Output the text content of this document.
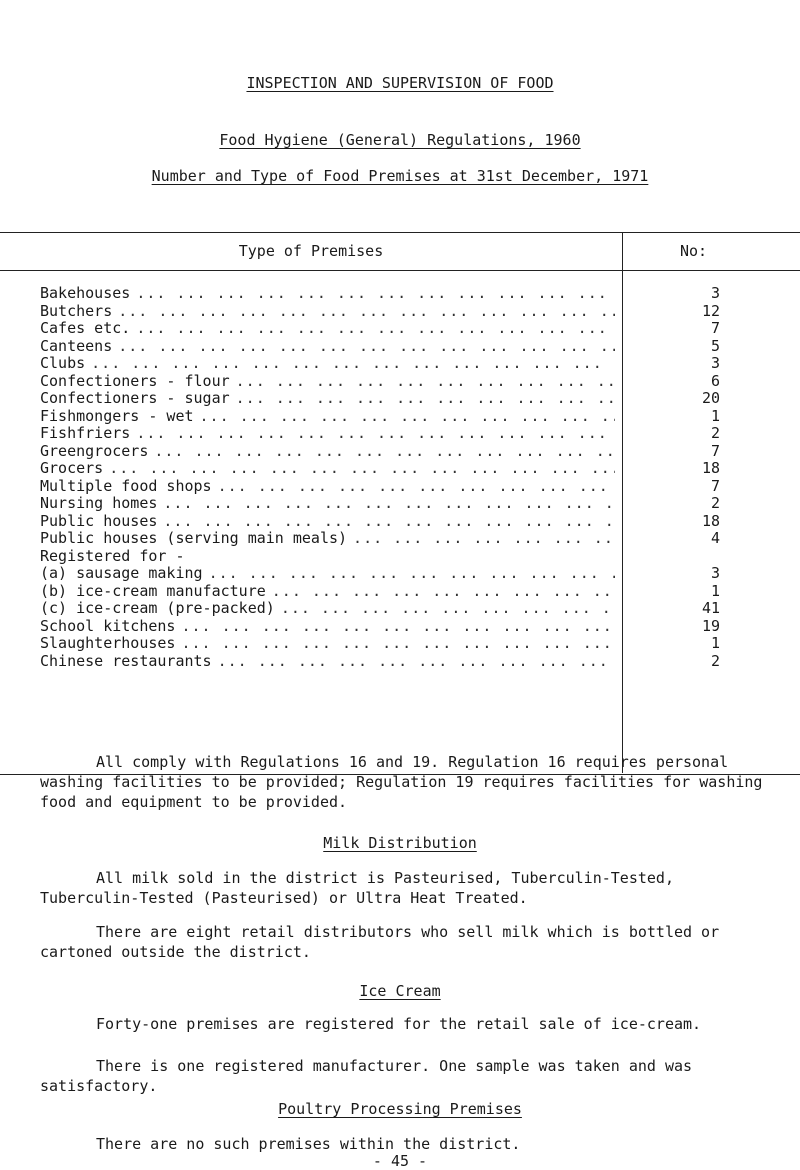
INSPECTION AND SUPERVISION OF FOOD
Food Hygiene (General) Regulations, 1960
Number and Type of Food Premises at 31st December, 1971
Type of Premises	No:
Bakehouses
... .
Butchers
... .
Cafes etc.
... .
Canteens
... .
Clubs
... .
Confectioners - flour
... .
Confectioners - sugar
... .
Fishmongers - wet
... .
Fishfriers
... .
Greengrocers
... .
Grocers
... .
Multiple food shops
... .
Nursing homes
... .
Public houses
... .
Public houses (serving main meals)
... .
Registered for -
(a) sausage making
... .
(b) ice-cream manufacture
... .
(c) ice-cream (pre-packed)
... .
School kitchens
... .
Slaughterhouses
... .
Chinese restaurants
... .
3
12
7
5
3
6
20
1
2
7
18
7
2
18
4
3
1
41
19
1
2
All comply with Regulations 16 and 19. Regulation 16 requires personal washing facilities to be provided; Regulation 19 requires facilities for washing food and equipment to be provided.
Milk Distribution
All milk sold in the district is Pasteurised, Tuberculin-Tested, Tuberculin-Tested (Pasteurised) or Ultra Heat Treated.
There are eight retail distributors who sell milk which is bottled or cartoned outside the district.
Ice Cream
Forty-one premises are registered for the retail sale of ice-cream.
There is one registered manufacturer. One sample was taken and was satisfactory.
Poultry Processing Premises
There are no such premises within the district.
- 45 -
